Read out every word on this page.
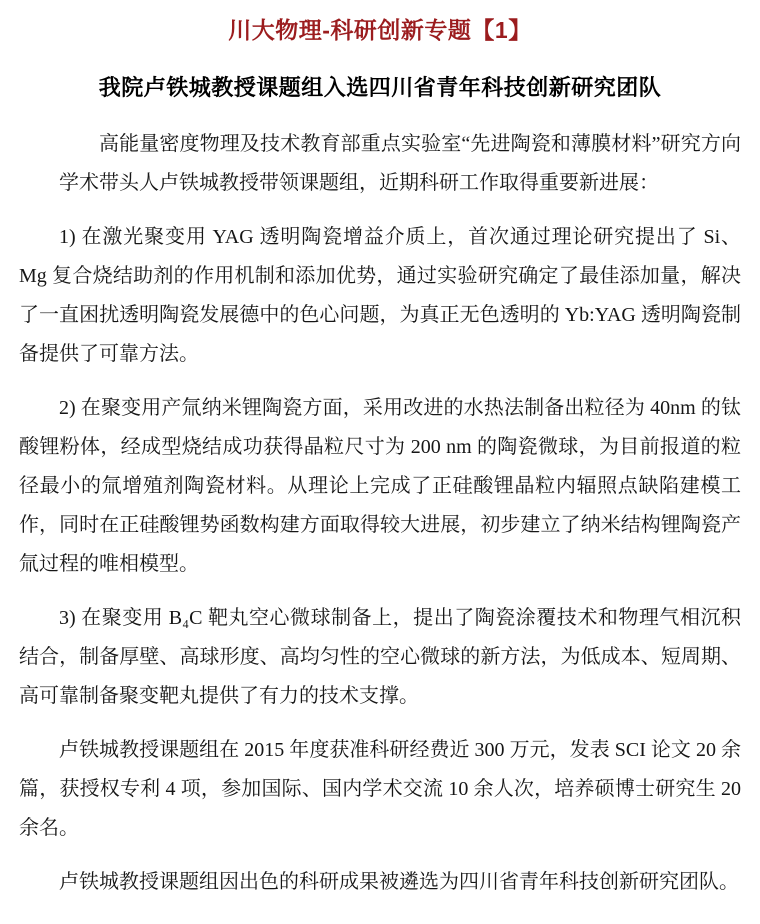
川大物理-科研创新专题【1】
我院卢铁城教授课题组入选四川省青年科技创新研究团队

高能量密度物理及技术教育部重点实验室“先进陶瓷和薄膜材料”研究方向学术带头人卢铁城教授带领课题组，近期科研工作取得重要新进展：

1) 在激光聚变用 YAG 透明陶瓷增益介质上，首次通过理论研究提出了 Si、Mg 复合烧结助剂的作用机制和添加优势，通过实验研究确定了最佳添加量，解决了一直困扰透明陶瓷发展德中的色心问题，为真正无色透明的 Yb:YAG 透明陶瓷制备提供了可靠方法。

2) 在聚变用产氚纳米锂陶瓷方面，采用改进的水热法制备出粒径为 40nm 的钛酸锂粉体，经成型烧结成功获得晶粒尺寸为 200 nm 的陶瓷微球，为目前报道的粒径最小的氚增殖剂陶瓷材料。从理论上完成了正硅酸锂晶粒内辐照点缺陷建模工作，同时在正硅酸锂势函数构建方面取得较大进展，初步建立了纳米结构锂陶瓷产氚过程的唯相模型。

3) 在聚变用 B₄C 靶丸空心微球制备上，提出了陶瓷涂覆技术和物理气相沉积结合，制备厚壁、高球形度、高均匀性的空心微球的新方法，为低成本、短周期、高可靠制备聚变靶丸提供了有力的技术支撑。

卢铁城教授课题组在 2015 年度获准科研经费近 300 万元，发表 SCI 论文 20 余篇，获授权专利 4 项，参加国际、国内学术交流 10 余人次，培养硕博士研究生 20 余名。

卢铁城教授课题组因出色的科研成果被遴选为四川省青年科技创新研究团队。
